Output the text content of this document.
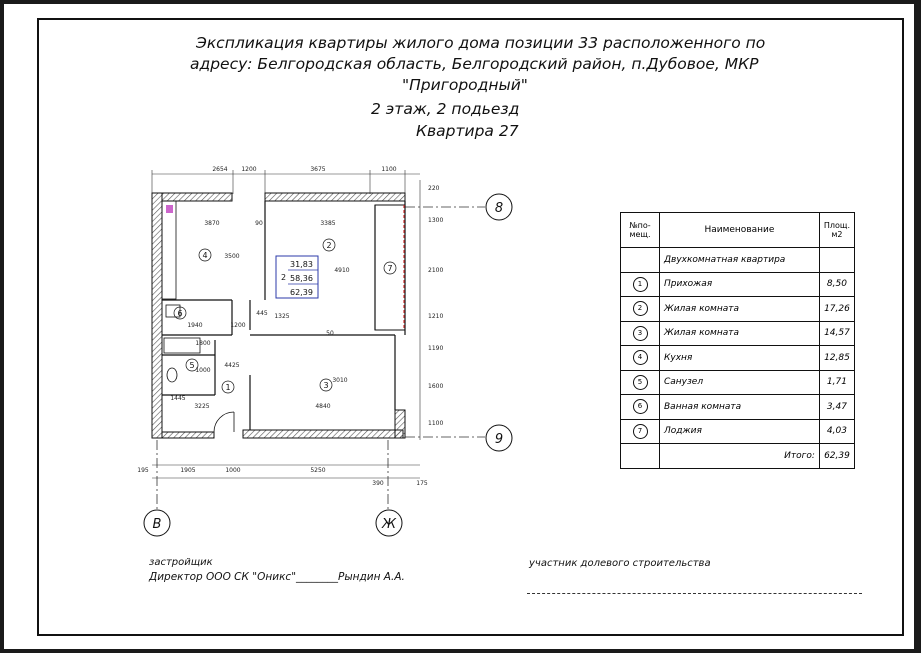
Экспликация квартиры жилого дома позиции 33 расположенного по
адресу: Белгородская область, Белгородский район, п.Дубовое, МКР
"Пригородный"
2 этаж, 2 подьезд
Квартира 27
8
9
В	Ж
4
2
3
1
5
6
7
2
31,83
58,36
62,39
2654 1200	3675	1100
195	1905	1000	5250
390	175
220
1300
2100
1210
1190
1600
1100
3870	90	3385
3500
4910
1940	1200
445 1325
1800
4425
1000
1445
3225
3010
4840
50
№по-
мещ.	Наименование	Площ.
м2
	Двухкомнатная квартира	
1	Прихожая	8,50
2	Жилая комната	17,26
3	Жилая комната	14,57
4	Кухня	12,85
5	Санузел	1,71
6	Ванная комната	3,47
7	Лоджия	4,03
	Итого:	62,39
застройщик
Директор ООО СК "Оникс"________Рындин А.А.
участник долевого строительства
